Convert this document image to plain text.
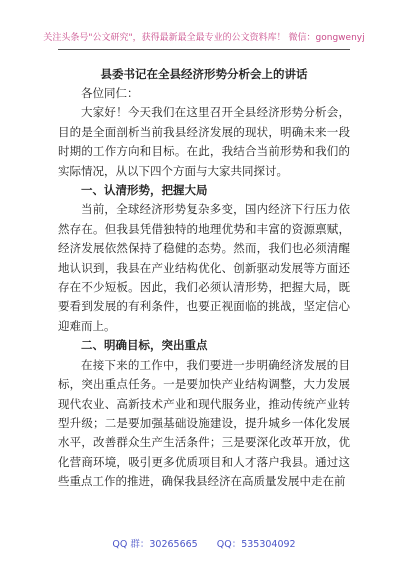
关注头条号"公文研究"，获得最新最全最专业的公文资料库！ 微信：gongwenyj
县委书记在全县经济形势分析会上的讲话

各位同仁：

大家好！今天我们在这里召开全县经济形势分析会，目的是全面剖析当前我县经济发展的现状，明确未来一段时期的工作方向和目标。在此，我结合当前形势和我们的实际情况，从以下四个方面与大家共同探讨。

一、认清形势，把握大局

当前，全球经济形势复杂多变，国内经济下行压力依然存在。但我县凭借独特的地理优势和丰富的资源禀赋，经济发展依然保持了稳健的态势。然而，我们也必须清醒地认识到，我县在产业结构优化、创新驱动发展等方面还存在不少短板。因此，我们必须认清形势，把握大局，既要看到发展的有利条件，也要正视面临的挑战，坚定信心迎难而上。

二、明确目标，突出重点

在接下来的工作中，我们要进一步明确经济发展的目标，突出重点任务。一是要加快产业结构调整，大力发展现代农业、高新技术产业和现代服务业，推动传统产业转型升级；二是要加强基础设施建设，提升城乡一体化发展水平，改善群众生产生活条件；三是要深化改革开放，优化营商环境，吸引更多优质项目和人才落户我县。通过这些重点工作的推进，确保我县经济在高质量发展中走在前

QQ 群：30265665 QQ：535304092
